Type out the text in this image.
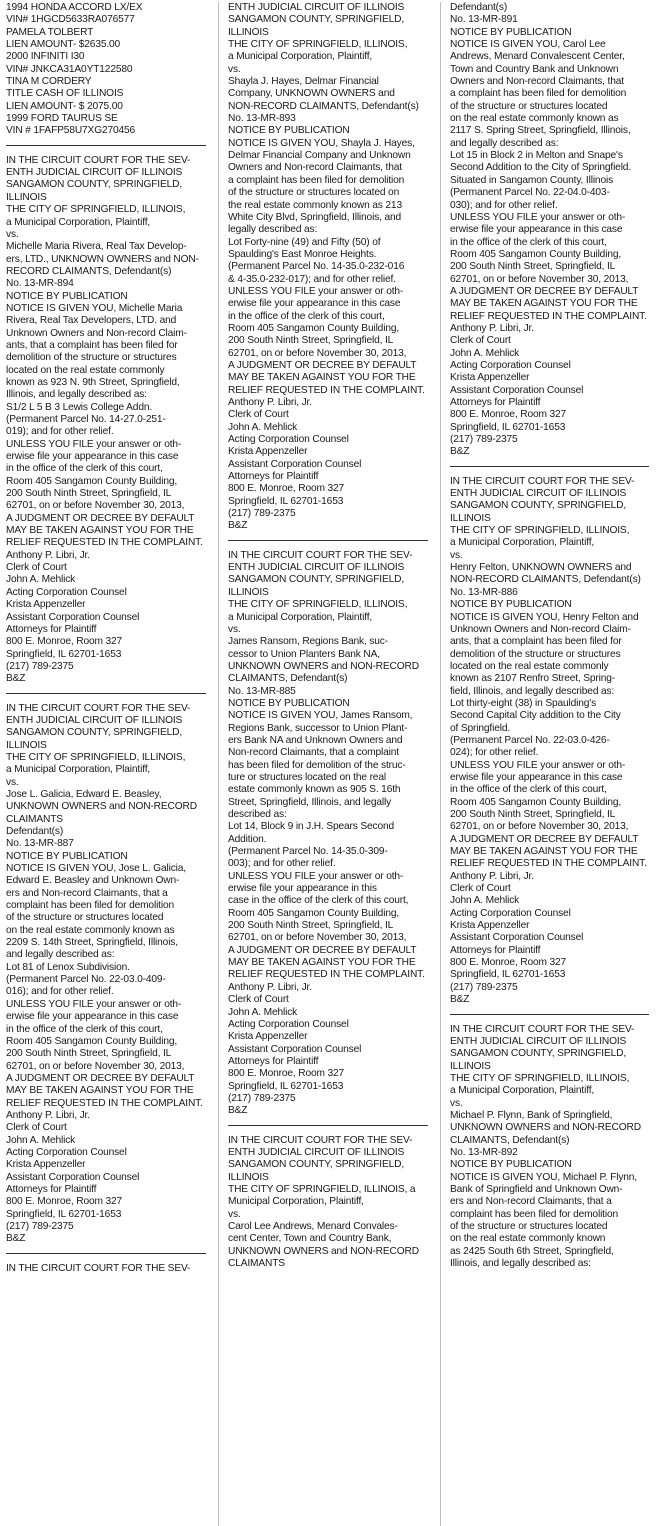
1994 HONDA ACCORD LX/EX
VIN# 1HGCD5633RA076577
PAMELA TOLBERT
LIEN AMOUNT- $2635.00
2000 INFINITI I30
VIN# JNKCA31A0YT122580
TINA M CORDERY
TITLE CASH OF ILLINOIS
LIEN AMOUNT- $ 2075.00
1999 FORD TAURUS SE
VIN # 1FAFP58U7XG270456
IN THE CIRCUIT COURT FOR THE SEV-
ENTH JUDICIAL CIRCUIT OF ILLINOIS
SANGAMON COUNTY, SPRINGFIELD,
ILLINOIS
THE CITY OF SPRINGFIELD, ILLINOIS,
a Municipal Corporation, Plaintiff,
vs.
Michelle Maria Rivera, Real Tax Develop-
ers, LTD., UNKNOWN OWNERS and NON-
RECORD CLAIMANTS, Defendant(s)
No. 13-MR-894
NOTICE BY PUBLICATION
NOTICE IS GIVEN YOU, Michelle Maria
Rivera, Real Tax Developers, LTD. and
Unknown Owners and Non-record Claim-
ants, that a complaint has been filed for
demolition of the structure or structures
located on the real estate commonly
known as 923 N. 9th Street, Springfield,
Illinois, and legally described as:
S1/2 L 5 B 3 Lewis College Addn.
(Permanent Parcel No. 14-27.0-251-
019); and for other relief.
UNLESS YOU FILE your answer or oth-
erwise file your appearance in this case
in the office of the clerk of this court,
Room 405 Sangamon County Building,
200 South Ninth Street, Springfield, IL
62701, on or before November 30, 2013,
A JUDGMENT OR DECREE BY DEFAULT
MAY BE TAKEN AGAINST YOU FOR THE
RELIEF REQUESTED IN THE COMPLAINT.
Anthony P. Libri, Jr.
Clerk of Court
John A. Mehlick
Acting Corporation Counsel
Krista Appenzeller
Assistant Corporation Counsel
Attorneys for Plaintiff
800 E. Monroe, Room 327
Springfield, IL 62701-1653
(217) 789-2375
B&Z
IN THE CIRCUIT COURT FOR THE SEV-
ENTH JUDICIAL CIRCUIT OF ILLINOIS
SANGAMON COUNTY, SPRINGFIELD,
ILLINOIS
THE CITY OF SPRINGFIELD, ILLINOIS,
a Municipal Corporation, Plaintiff,
vs.
Jose L. Galicia, Edward E. Beasley,
UNKNOWN OWNERS and NON-RECORD
CLAIMANTS
Defendant(s)
No. 13-MR-887
NOTICE BY PUBLICATION
NOTICE IS GIVEN YOU, Jose L. Galicia,
Edward E. Beasley and Unknown Own-
ers and Non-record Claimants, that a
complaint has been filed for demolition
of the structure or structures located
on the real estate commonly known as
2209 S. 14th Street, Springfield, Illinois,
and legally described as:
Lot 81 of Lenox Subdivision.
(Permanent Parcel No. 22-03.0-409-
016); and for other relief.
UNLESS YOU FILE your answer or oth-
erwise file your appearance in this case
in the office of the clerk of this court,
Room 405 Sangamon County Building,
200 South Ninth Street, Springfield, IL
62701, on or before November 30, 2013,
A JUDGMENT OR DECREE BY DEFAULT
MAY BE TAKEN AGAINST YOU FOR THE
RELIEF REQUESTED IN THE COMPLAINT.
Anthony P. Libri, Jr.
Clerk of Court
John A. Mehlick
Acting Corporation Counsel
Krista Appenzeller
Assistant Corporation Counsel
Attorneys for Plaintiff
800 E. Monroe, Room 327
Springfield, IL 62701-1653
(217) 789-2375
B&Z
IN THE CIRCUIT COURT FOR THE SEV-
ENTH JUDICIAL CIRCUIT OF ILLINOIS
SANGAMON COUNTY, SPRINGFIELD,
ILLINOIS
THE CITY OF SPRINGFIELD, ILLINOIS,
a Municipal Corporation, Plaintiff,
vs.
Shayla J. Hayes, Delmar Financial
Company, UNKNOWN OWNERS and
NON-RECORD CLAIMANTS, Defendant(s)
No. 13-MR-893
NOTICE BY PUBLICATION
NOTICE IS GIVEN YOU, Shayla J. Hayes,
Delmar Financial Company and Unknown
Owners and Non-record Claimants, that
a complaint has been filed for demolition
of the structure or structures located on
the real estate commonly known as 213
White City Blvd, Springfield, Illinois, and
legally described as:
Lot Forty-nine (49) and Fifty (50) of
Spaulding's East Monroe Heights.
(Permanent Parcel No. 14-35.0-232-016
& 4-35.0-232-017); and for other relief.
UNLESS YOU FILE your answer or oth-
erwise file your appearance in this case
in the office of the clerk of this court,
Room 405 Sangamon County Building,
200 South Ninth Street, Springfield, IL
62701, on or before November 30, 2013,
A JUDGMENT OR DECREE BY DEFAULT
MAY BE TAKEN AGAINST YOU FOR THE
RELIEF REQUESTED IN THE COMPLAINT.
Anthony P. Libri, Jr.
Clerk of Court
John A. Mehlick
Acting Corporation Counsel
Krista Appenzeller
Assistant Corporation Counsel
Attorneys for Plaintiff
800 E. Monroe, Room 327
Springfield, IL 62701-1653
(217) 789-2375
B&Z
IN THE CIRCUIT COURT FOR THE SEV-
ENTH JUDICIAL CIRCUIT OF ILLINOIS
SANGAMON COUNTY, SPRINGFIELD,
ILLINOIS
THE CITY OF SPRINGFIELD, ILLINOIS,
a Municipal Corporation, Plaintiff,
vs.
James Ransom, Regions Bank, suc-
cessor to Union Planters Bank NA,
UNKNOWN OWNERS and NON-RECORD
CLAIMANTS, Defendant(s)
No. 13-MR-885
NOTICE BY PUBLICATION
NOTICE IS GIVEN YOU, James Ransom,
Regions Bank, successor to Union Plant-
ers Bank NA and Unknown Owners and
Non-record Claimants, that a complaint
has been filed for demolition of the struc-
ture or structures located on the real
estate commonly known as 905 S. 16th
Street, Springfield, Illinois, and legally
described as:
Lot 14, Block 9 in J.H. Spears Second
Addition.
(Permanent Parcel No. 14-35.0-309-
003); and for other relief.
UNLESS YOU FILE your answer or oth-
erwise file your appearance in this
case in the office of the clerk of this court,
Room 405 Sangamon County Building,
200 South Ninth Street, Springfield, IL
62701, on or before November 30, 2013,
A JUDGMENT OR DECREE BY DEFAULT
MAY BE TAKEN AGAINST YOU FOR THE
RELIEF REQUESTED IN THE COMPLAINT.
Anthony P. Libri, Jr.
Clerk of Court
John A. Mehlick
Acting Corporation Counsel
Krista Appenzeller
Assistant Corporation Counsel
Attorneys for Plaintiff
800 E. Monroe, Room 327
Springfield, IL 62701-1653
(217) 789-2375
B&Z
IN THE CIRCUIT COURT FOR THE SEV-
ENTH JUDICIAL CIRCUIT OF ILLINOIS
SANGAMON COUNTY, SPRINGFIELD,
ILLINOIS
THE CITY OF SPRINGFIELD, ILLINOIS, a
Municipal Corporation, Plaintiff,
vs.
Carol Lee Andrews, Menard Convales-
cent Center, Town and Country Bank,
UNKNOWN OWNERS and NON-RECORD
CLAIMANTS
Defendant(s)
No. 13-MR-891
NOTICE BY PUBLICATION
NOTICE IS GIVEN YOU, Carol Lee
Andrews, Menard Convalescent Center,
Town and Country Bank and Unknown
Owners and Non-record Claimants, that
a complaint has been filed for demolition
of the structure or structures located
on the real estate commonly known as
2117 S. Spring Street, Springfield, Illinois,
and legally described as:
Lot 15 in Block 2 in Melton and Snape's
Second Addition to the City of Springfield.
Situated in Sangamon County, Illinois
(Permanent Parcel No. 22-04.0-403-
030); and for other relief.
UNLESS YOU FILE your answer or oth-
erwise file your appearance in this case
in the office of the clerk of this court,
Room 405 Sangamon County Building,
200 South Ninth Street, Springfield, IL
62701, on or before November 30, 2013,
A JUDGMENT OR DECREE BY DEFAULT
MAY BE TAKEN AGAINST YOU FOR THE
RELIEF REQUESTED IN THE COMPLAINT.
Anthony P. Libri, Jr.
Clerk of Court
John A. Mehlick
Acting Corporation Counsel
Krista Appenzeller
Assistant Corporation Counsel
Attorneys for Plaintiff
800 E. Monroe, Room 327
Springfield, IL 62701-1653
(217) 789-2375
B&Z
IN THE CIRCUIT COURT FOR THE SEV-
ENTH JUDICIAL CIRCUIT OF ILLINOIS
SANGAMON COUNTY, SPRINGFIELD,
ILLINOIS
THE CITY OF SPRINGFIELD, ILLINOIS,
a Municipal Corporation, Plaintiff,
vs.
Henry Felton, UNKNOWN OWNERS and
NON-RECORD CLAIMANTS, Defendant(s)
No. 13-MR-886
NOTICE BY PUBLICATION
NOTICE IS GIVEN YOU, Henry Felton and
Unknown Owners and Non-record Claim-
ants, that a complaint has been filed for
demolition of the structure or structures
located on the real estate commonly
known as 2107 Renfro Street, Spring-
field, Illinois, and legally described as:
Lot thirty-eight (38) in Spaulding's
Second Capital City addition to the City
of Springfield.
(Permanent Parcel No. 22-03.0-426-
024); for other relief.
UNLESS YOU FILE your answer or oth-
erwise file your appearance in this case
in the office of the clerk of this court,
Room 405 Sangamon County Building,
200 South Ninth Street, Springfield, IL
62701, on or before November 30, 2013,
A JUDGMENT OR DECREE BY DEFAULT
MAY BE TAKEN AGAINST YOU FOR THE
RELIEF REQUESTED IN THE COMPLAINT.
Anthony P. Libri, Jr.
Clerk of Court
John A. Mehlick
Acting Corporation Counsel
Krista Appenzeller
Assistant Corporation Counsel
Attorneys for Plaintiff
800 E. Monroe, Room 327
Springfield, IL 62701-1653
(217) 789-2375
B&Z
IN THE CIRCUIT COURT FOR THE SEV-
ENTH JUDICIAL CIRCUIT OF ILLINOIS
SANGAMON COUNTY, SPRINGFIELD,
ILLINOIS
THE CITY OF SPRINGFIELD, ILLINOIS,
a Municipal Corporation, Plaintiff,
vs.
Michael P. Flynn, Bank of Springfield,
UNKNOWN OWNERS and NON-RECORD
CLAIMANTS, Defendant(s)
No. 13-MR-892
NOTICE BY PUBLICATION
NOTICE IS GIVEN YOU, Michael P. Flynn,
Bank of Springfield and Unknown Own-
ers and Non-record Claimants, that a
complaint has been filed for demolition
of the structure or structures located
on the real estate commonly known
as 2425 South 6th Street, Springfield,
Illinois, and legally described as:
